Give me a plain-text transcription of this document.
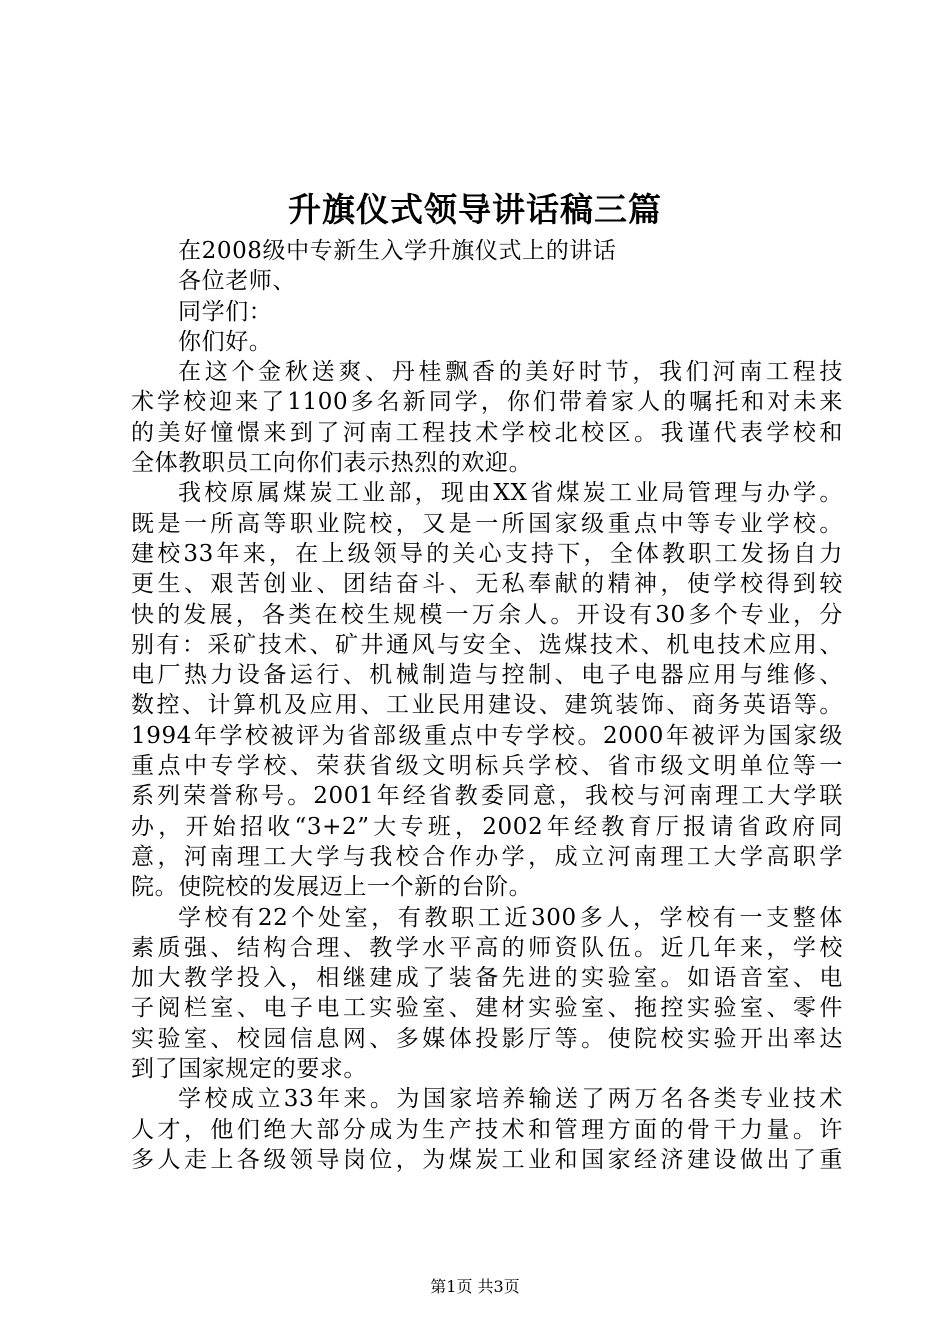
升旗仪式领导讲话稿三篇
在2008级中专新生入学升旗仪式上的讲话
各位老师、
同学们：
你们好。
在这个金秋送爽、丹桂飘香的美好时节，我们河南工程技
术学校迎来了1100多名新同学，你们带着家人的嘱托和对未来
的美好憧憬来到了河南工程技术学校北校区。我谨代表学校和
全体教职员工向你们表示热烈的欢迎。
我校原属煤炭工业部，现由XX省煤炭工业局管理与办学。
既是一所高等职业院校，又是一所国家级重点中等专业学校。
建校33年来，在上级领导的关心支持下，全体教职工发扬自力
更生、艰苦创业、团结奋斗、无私奉献的精神，使学校得到较
快的发展，各类在校生规模一万余人。开设有30多个专业，分
别有：采矿技术、矿井通风与安全、选煤技术、机电技术应用、
电厂热力设备运行、机械制造与控制、电子电器应用与维修、
数控、计算机及应用、工业民用建设、建筑装饰、商务英语等。
1994年学校被评为省部级重点中专学校。2000年被评为国家级
重点中专学校、荣获省级文明标兵学校、省市级文明单位等一
系列荣誉称号。2001年经省教委同意，我校与河南理工大学联
办，开始招收“3+2”大专班，2002年经教育厅报请省政府同
意，河南理工大学与我校合作办学，成立河南理工大学高职学
院。使院校的发展迈上一个新的台阶。
学校有22个处室，有教职工近300多人，学校有一支整体
素质强、结构合理、教学水平高的师资队伍。近几年来，学校
加大教学投入，相继建成了装备先进的实验室。如语音室、电
子阅栏室、电子电工实验室、建材实验室、拖控实验室、零件
实验室、校园信息网、多媒体投影厅等。使院校实验开出率达
到了国家规定的要求。
学校成立33年来。为国家培养输送了两万名各类专业技术
人才，他们绝大部分成为生产技术和管理方面的骨干力量。许
多人走上各级领导岗位，为煤炭工业和国家经济建设做出了重
第1页 共3页
